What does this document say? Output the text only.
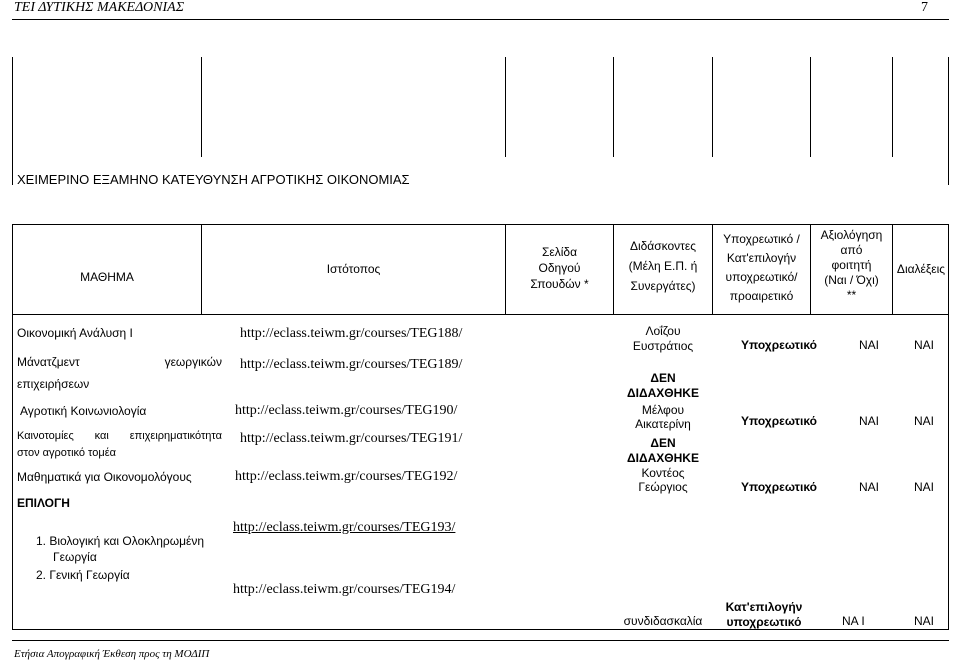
ΤΕΙ ΔΥΤΙΚΗΣ ΜΑΚΕΔΟΝΙΑΣ	7
ΧΕΙΜΕΡΙΝΟ ΕΞΑΜΗΝΟ ΚΑΤΕΥΘΥΝΣΗ ΑΓΡΟΤΙΚΗΣ ΟΙΚΟΝΟΜΙΑΣ
ΜΑΘΗΜΑ
Ιστότοπος
Σελίδα
Οδηγού
Σπουδών *
Διδάσκοντες
(Μέλη Ε.Π. ή
Συνεργάτες)
Υποχρεωτικό /
Κατ'επιλογήν
υποχρεωτικό/
προαιρετικό
Αξιολόγηση
από
φοιτητή
(Ναι / Όχι)
**
Διαλέξεις
Οικονομική Ανάλυση Ι
Μάνατζμεντ	γεωργικών
επιχειρήσεων
Αγροτική Κοινωνιολογία
Καινοτομίες και επιχειρηματικότητα
στον αγροτικό τομέα
Μαθηματικά για Οικονομολόγους
ΕΠΙΛΟΓΗ
1. Βιολογική και Ολοκληρωμένη
Γεωργία
2. Γενική Γεωργία
http://eclass.teiwm.gr/courses/TEG188/
http://eclass.teiwm.gr/courses/TEG189/
http://eclass.teiwm.gr/courses/TEG190/
http://eclass.teiwm.gr/courses/TEG191/
http://eclass.teiwm.gr/courses/TEG192/
http://eclass.teiwm.gr/courses/TEG193/
http://eclass.teiwm.gr/courses/TEG194/
Λοΐζου
Ευστράτιος
ΔΕΝ
ΔΙΔΑΧΘΗΚΕ
Μέλφου
Αικατερίνη
ΔΕΝ
ΔΙΔΑΧΘΗΚΕ
Κοντέος
Γεώργιος
συνδιδασκαλία
Υποχρεωτικό
Υποχρεωτικό
Υποχρεωτικό
Κατ'επιλογήν
υποχρεωτικό
ΝΑΙ
ΝΑΙ
ΝΑΙ
ΝΑ Ι
ΝΑΙ
ΝΑΙ
ΝΑΙ
ΝΑΙ
Ετήσια Απογραφική Έκθεση προς τη ΜΟΔΙΠ
